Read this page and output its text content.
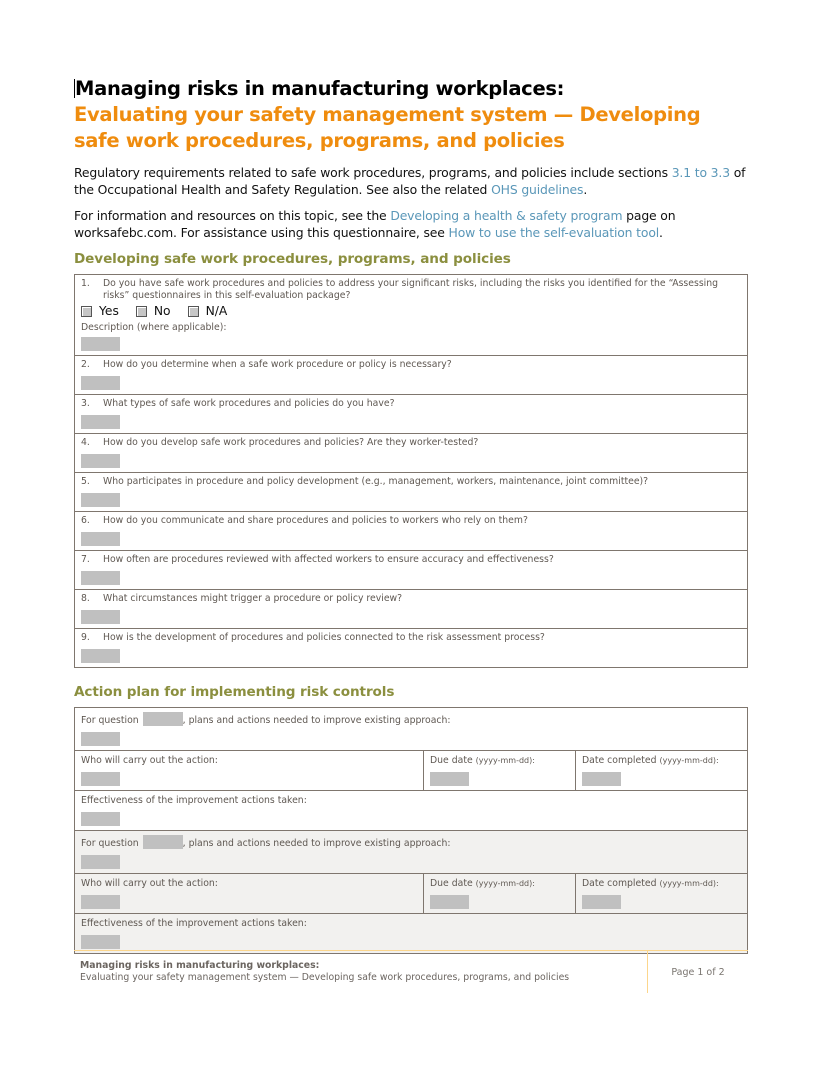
Managing risks in manufacturing workplaces:
Evaluating your safety management system — Developing safe work procedures, programs, and policies

Regulatory requirements related to safe work procedures, programs, and policies include sections 3.1 to 3.3 of the Occupational Health and Safety Regulation. See also the related OHS guidelines.

For information and resources on this topic, see the Developing a health & safety program page on worksafebc.com. For assistance using this questionnaire, see How to use the self-evaluation tool.

Developing safe work procedures, programs, and policies
1.	Do you have safe work procedures and policies to address your significant risks, including the risks you identified for the “Assessing risks” questionnaires in this self-evaluation package?
Yes	No	N/A
Description (where applicable):
2.	How do you determine when a safe work procedure or policy is necessary?
3.	What types of safe work procedures and policies do you have?
4.	How do you develop safe work procedures and policies? Are they worker-tested?
5.	Who participates in procedure and policy development (e.g., management, workers, maintenance, joint committee)?
6.	How do you communicate and share procedures and policies to workers who rely on them?
7.	How often are procedures reviewed with affected workers to ensure accuracy and effectiveness?
8.	What circumstances might trigger a procedure or policy review?
9.	How is the development of procedures and policies connected to the risk assessment process?
Action plan for implementing risk controls
For question	, plans and actions needed to improve existing approach:
Who will carry out the action:	Due date (yyyy-mm-dd):	Date completed (yyyy-mm-dd):
Effectiveness of the improvement actions taken:
For question	, plans and actions needed to improve existing approach:
Who will carry out the action:	Due date (yyyy-mm-dd):	Date completed (yyyy-mm-dd):
Effectiveness of the improvement actions taken:
Managing risks in manufacturing workplaces:
Evaluating your safety management system — Developing safe work procedures, programs, and policies	Page 1 of 2
